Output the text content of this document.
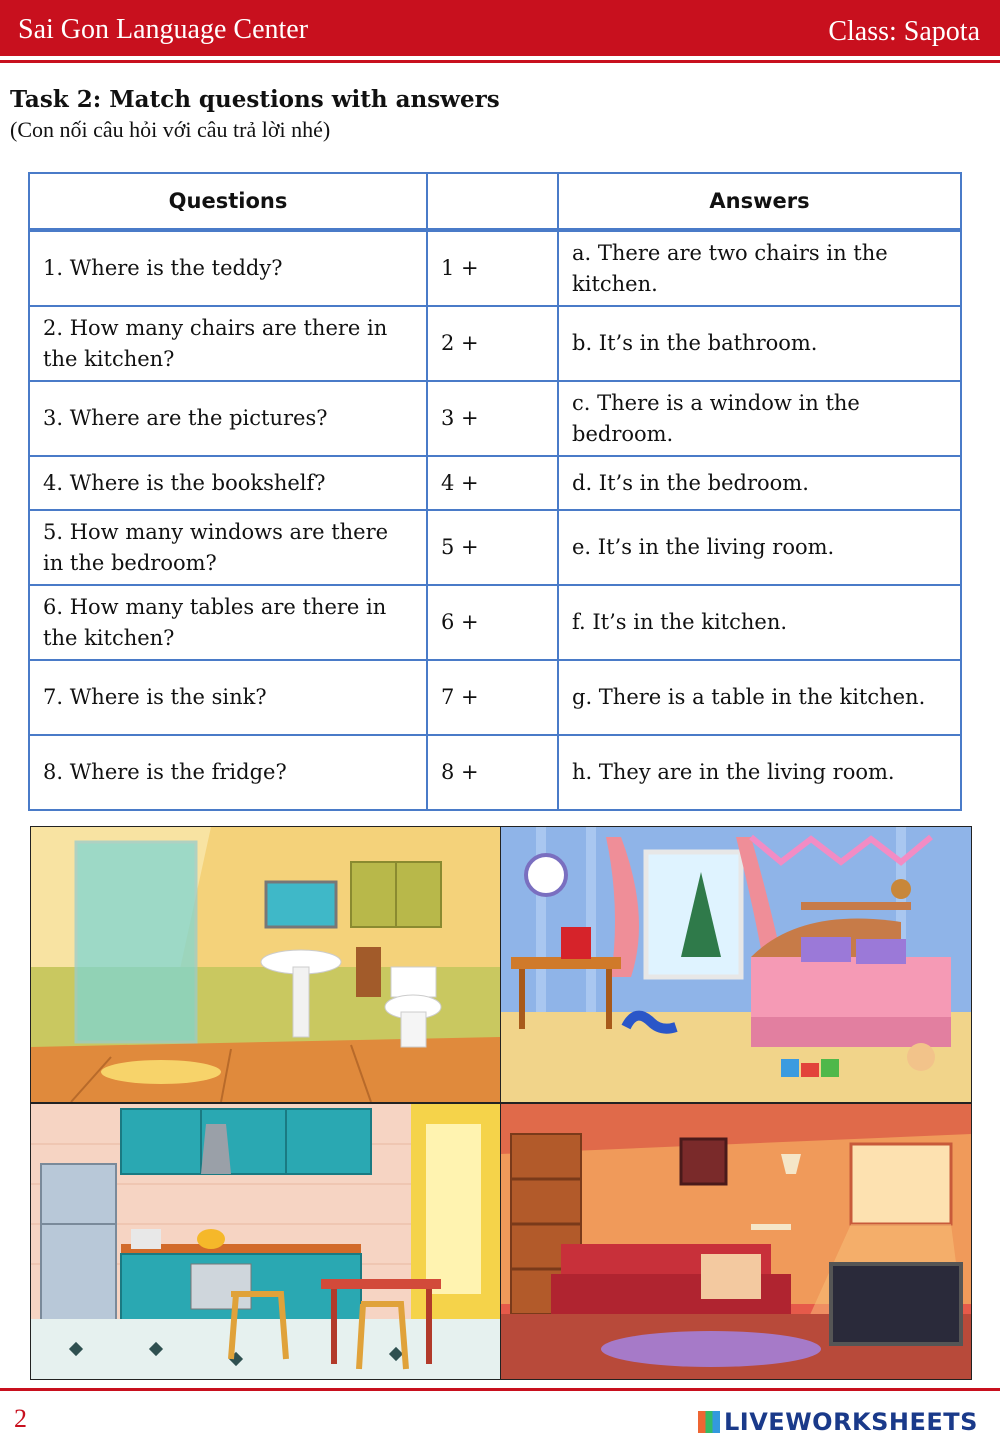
Sai Gon Language Center	Class: Sapota
Task 2: Match questions with answers
(Con nối câu hỏi với câu trả lời nhé)
Questions		Answers
1. Where is the teddy?	1 +	a. There are two chairs in the kitchen.
2. How many chairs are there in the kitchen?	2 +	b. It’s in the bathroom.
3. Where are the pictures?	3 +	c. There is a window in the bedroom.
4. Where is the bookshelf?	4 +	d. It’s in the bedroom.
5. How many windows are there in the bedroom?	5 +	e. It’s in the living room.
6. How many tables are there in the kitchen?	6 +	f. It’s in the kitchen.
7. Where is the sink?	7 +	g. There is a table in the kitchen.
8. Where is the fridge?	8 +	h. They are in the living room.
2	LIVEWORKSHEETS
